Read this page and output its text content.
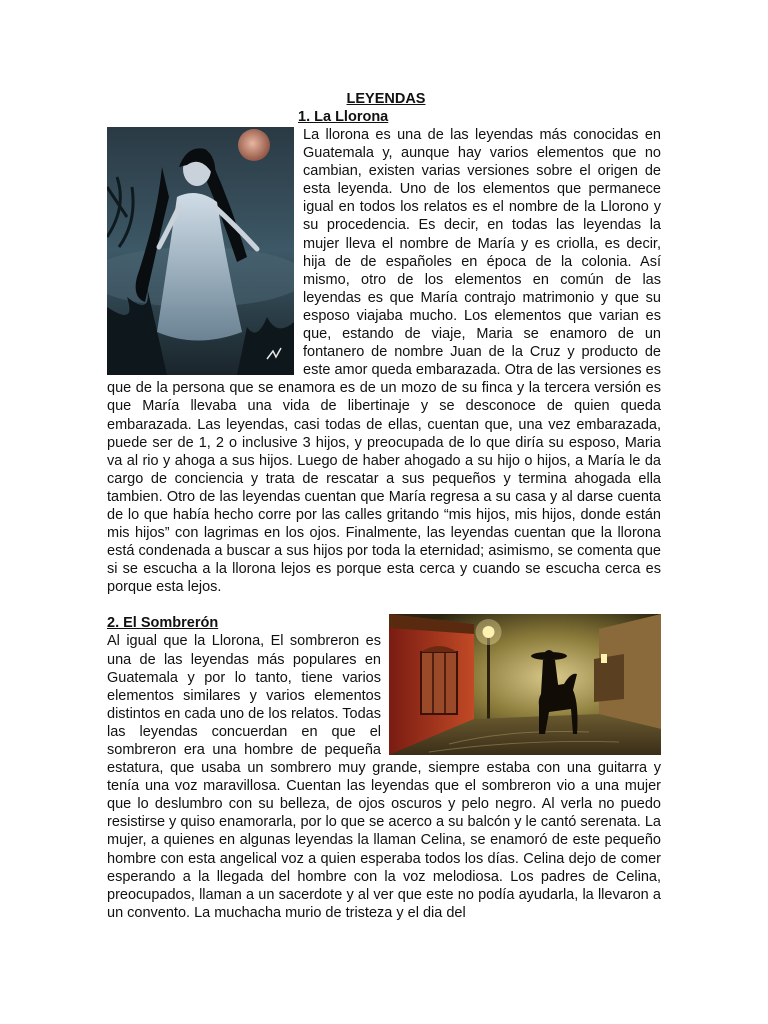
LEYENDAS

1. La Llorona

La llorona es una de las leyendas más conocidas en Guatemala y, aunque hay varios elementos que no cambian, existen varias versiones sobre el origen de esta leyenda. Uno de los elementos que permanece igual en todos los relatos es el nombre de la Llorono y su procedencia. Es decir, en todas las leyendas la mujer lleva el nombre de María y es criolla, es decir, hija de de españoles en época de la colonia. Así mismo, otro de los elementos en común de las leyendas es que María contrajo matrimonio y que su esposo viajaba mucho. Los elementos que varian es que, estando de viaje, Maria se enamoro de un fontanero de nombre Juan de la Cruz y producto de este amor queda embarazada. Otra de las versiones es que de la persona que se enamora es de un mozo de su finca y la tercera versión es que María llevaba una vida de libertinaje y se desconoce de quien queda embarazada. Las leyendas, casi todas de ellas, cuentan que, una vez embarazada, puede ser de 1, 2 o inclusive 3 hijos, y preocupada de lo que diría su esposo, Maria va al rio y ahoga a sus hijos. Luego de haber ahogado a su hijo o hijos, a María le da cargo de conciencia y trata de rescatar a sus pequeños y termina ahogada ella tambien. Otro de las leyendas cuentan que María regresa a su casa y al darse cuenta de lo que había hecho corre por las calles gritando “mis hijos, mis hijos, donde están mis hijos” con lagrimas en los ojos. Finalmente, las leyendas cuentan que la llorona está condenada a buscar a sus hijos por toda la eternidad; asimismo, se comenta que si se escucha a la llorona lejos es porque esta cerca y cuando se escucha cerca es porque esta lejos.

2. El Sombrerón

Al igual que la Llorona, El sombreron es una de las leyendas más populares en Guatemala y por lo tanto, tiene varios elementos similares y varios elementos distintos en cada uno de los relatos. Todas las leyendas concuerdan en que el sombreron era una hombre de pequeña estatura, que usaba un sombrero muy grande, siempre estaba con una guitarra y tenía una voz maravillosa. Cuentan las leyendas que el sombreron vio a una mujer que lo deslumbro con su belleza, de ojos oscuros y pelo negro. Al verla no puedo resistirse y quiso enamorarla, por lo que se acerco a su balcón y le cantó serenata. La mujer, a quienes en algunas leyendas la llaman Celina, se enamoró de este pequeño hombre con esta angelical voz a quien esperaba todos los días. Celina dejo de comer esperando a la llegada del hombre con la voz melodiosa. Los padres de Celina, preocupados, llaman a un sacerdote y al ver que este no podía ayudarla, la llevaron a un convento. La muchacha murio de tristeza y el dia del
